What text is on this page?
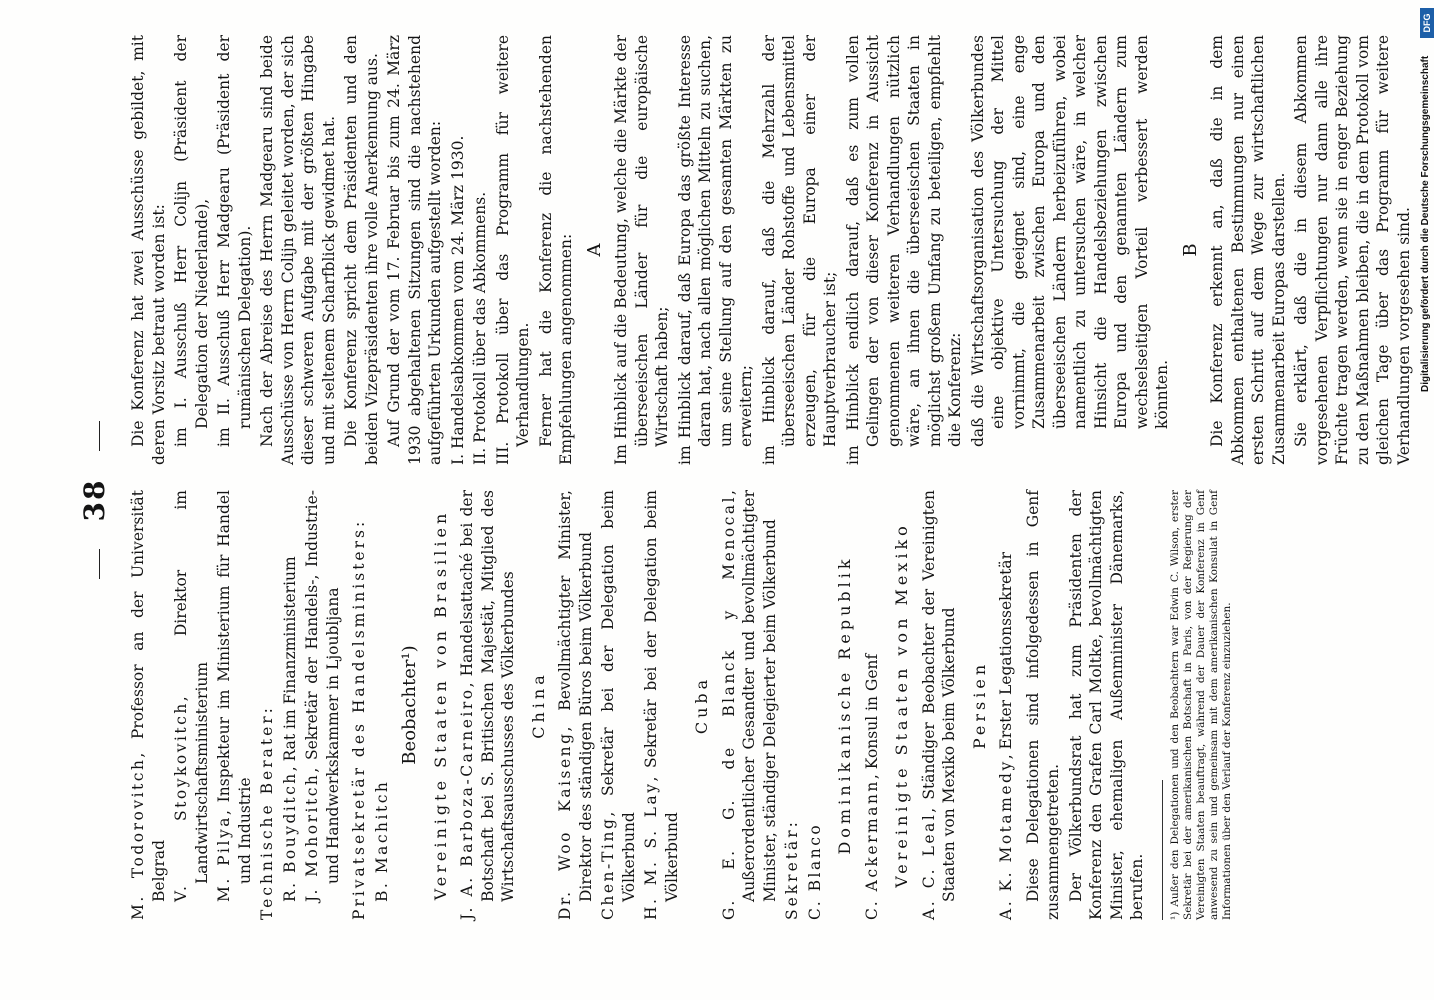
38
M. Todorovitch, Professor an der Universität Belgrad V. Stoykovitch, Direktor im Landwirtschaftsministerium M. Pilya, Inspekteur im Ministerium für Handel und Industrie Technische Berater: R. Bouyditch, Rat im Finanzministerium
J. Mohoritch, Sekretär der Handels-, Industrie- und Handwerkskammer in Ljoubljana Privatsekretär des Handelsministers: B. Machitch
Beobachter¹) Vereinigte Staaten von Brasilien J. A. Barboza-Carneiro, Handelsattaché bei der Botschaft bei S. Britischen Majestät, Mitglied des Wirtschaftsausschusses des Völkerbundes China
Dr. Woo Kaiseng, Bevollmächtigter Minister, Direktor des ständigen Büros beim Völkerbund Chen-Ting, Sekretär bei der Delegation beim Völkerbund H. M. S. Lay, Sekretär bei der Delegation beim Völkerbund
Cuba G. E. G. de Blanck y Menocal, Außerordentlicher Gesandter und bevollmächtigter Minister, ständiger Delegierter beim Völkerbund Sekretär: C. Blanco
Dominikanische Republik C. Ackermann, Konsul in Genf Vereinigte Staaten von Mexiko A. C. Leal, Ständiger Beobachter der Vereinigten Staaten von Mexiko beim Völkerbund Persien
A. K. Motamedy, Erster Legationssekretär Diese Delegationen sind infolgedessen in Genf zusammengetreten. Der Völkerbundsrat hat zum Präsidenten der Konferenz den Grafen Carl Moltke, bevollmächtigten Minister, ehemaligen Außenminister Dänemarks, berufen. ¹) Außer den Delegationen und den Beobachtern war Edwin C. Wilson, erster Sekretär bei der amerikanischen Botschaft in Paris, von der Regierung der Vereinigten Staaten beauftragt, während der Dauer der Konferenz in Genf anwesend zu sein und gemeinsam mit dem amerikanischen Konsulat in Genf Informationen über den Verlauf der Konferenz einzuziehen.
Die Konferenz hat zwei Ausschüsse gebildet, mit deren Vorsitz betraut worden ist: im I. Ausschuß Herr Colijn (Präsident der Delegation der Niederlande), im II. Ausschuß Herr Madgearu (Präsident der rumänischen Delegation). Nach der Abreise des Herrn Madgearu sind beide Ausschüsse von Herrn Colijn geleitet worden, der sich dieser schweren Aufgabe mit der größten Hingabe und mit seltenem Scharfblick gewidmet hat. Die Konferenz spricht dem Präsidenten und den beiden Vizepräsidenten ihre volle Anerkennung aus. Auf Grund der vom 17. Februar bis zum 24. März 1930 abgehaltenen Sitzungen sind die nachstehend aufgeführten Urkunden aufgestellt worden: I. Handelsabkommen vom 24. März 1930. II. Protokoll über das Abkommens. III. Protokoll über das Programm für weitere Verhandlungen. Ferner hat die Konferenz die nachstehenden Empfehlungen angenommen: A Im Hinblick auf die Bedeutung, welche die Märkte der überseeischen Länder für die europäische Wirtschaft haben; im Hinblick darauf, daß Europa das größte Interesse daran hat, nach allen möglichen Mitteln zu suchen, um seine Stellung auf den gesamten Märkten zu erweitern; im Hinblick darauf, daß die Mehrzahl der überseeischen Länder Rohstoffe und Lebensmittel erzeugen, für die Europa einer der Hauptverbraucher ist; im Hinblick endlich darauf, daß es zum vollen Gelingen der von dieser Konferenz in Aussicht genommenen weiteren Verhandlungen nützlich wäre, an ihnen die überseeischen Staaten in möglichst großem Umfang zu beteiligen, empfiehlt die Konferenz: daß die Wirtschaftsorganisation des Völkerbundes eine objektive Untersuchung der Mittel vornimmt, die geeignet sind, eine enge Zusammenarbeit zwischen Europa und den überseeischen Ländern herbeizuführen, wobei namentlich zu untersuchen wäre, in welcher Hinsicht die Handelsbeziehungen zwischen Europa und den genannten Ländern zum wechselseitigen Vorteil verbessert werden könnten.
B Die Konferenz erkennt an, daß die in dem Abkommen enthaltenen Bestimmungen nur einen ersten Schritt auf dem Wege zur wirtschaftlichen Zusammenarbeit Europas darstellen. Sie erklärt, daß die in diesem Abkommen vorgesehenen Verpflichtungen nur dann alle ihre Früchte tragen werden, wenn sie in enger Beziehung zu den Maßnahmen bleiben, die in dem Protokoll vom gleichen Tage über das Programm für weitere Verhandlungen vorgesehen sind. Digitalisierung gefördert durch die Deutsche Forschungsgemeinschaft
DFG
